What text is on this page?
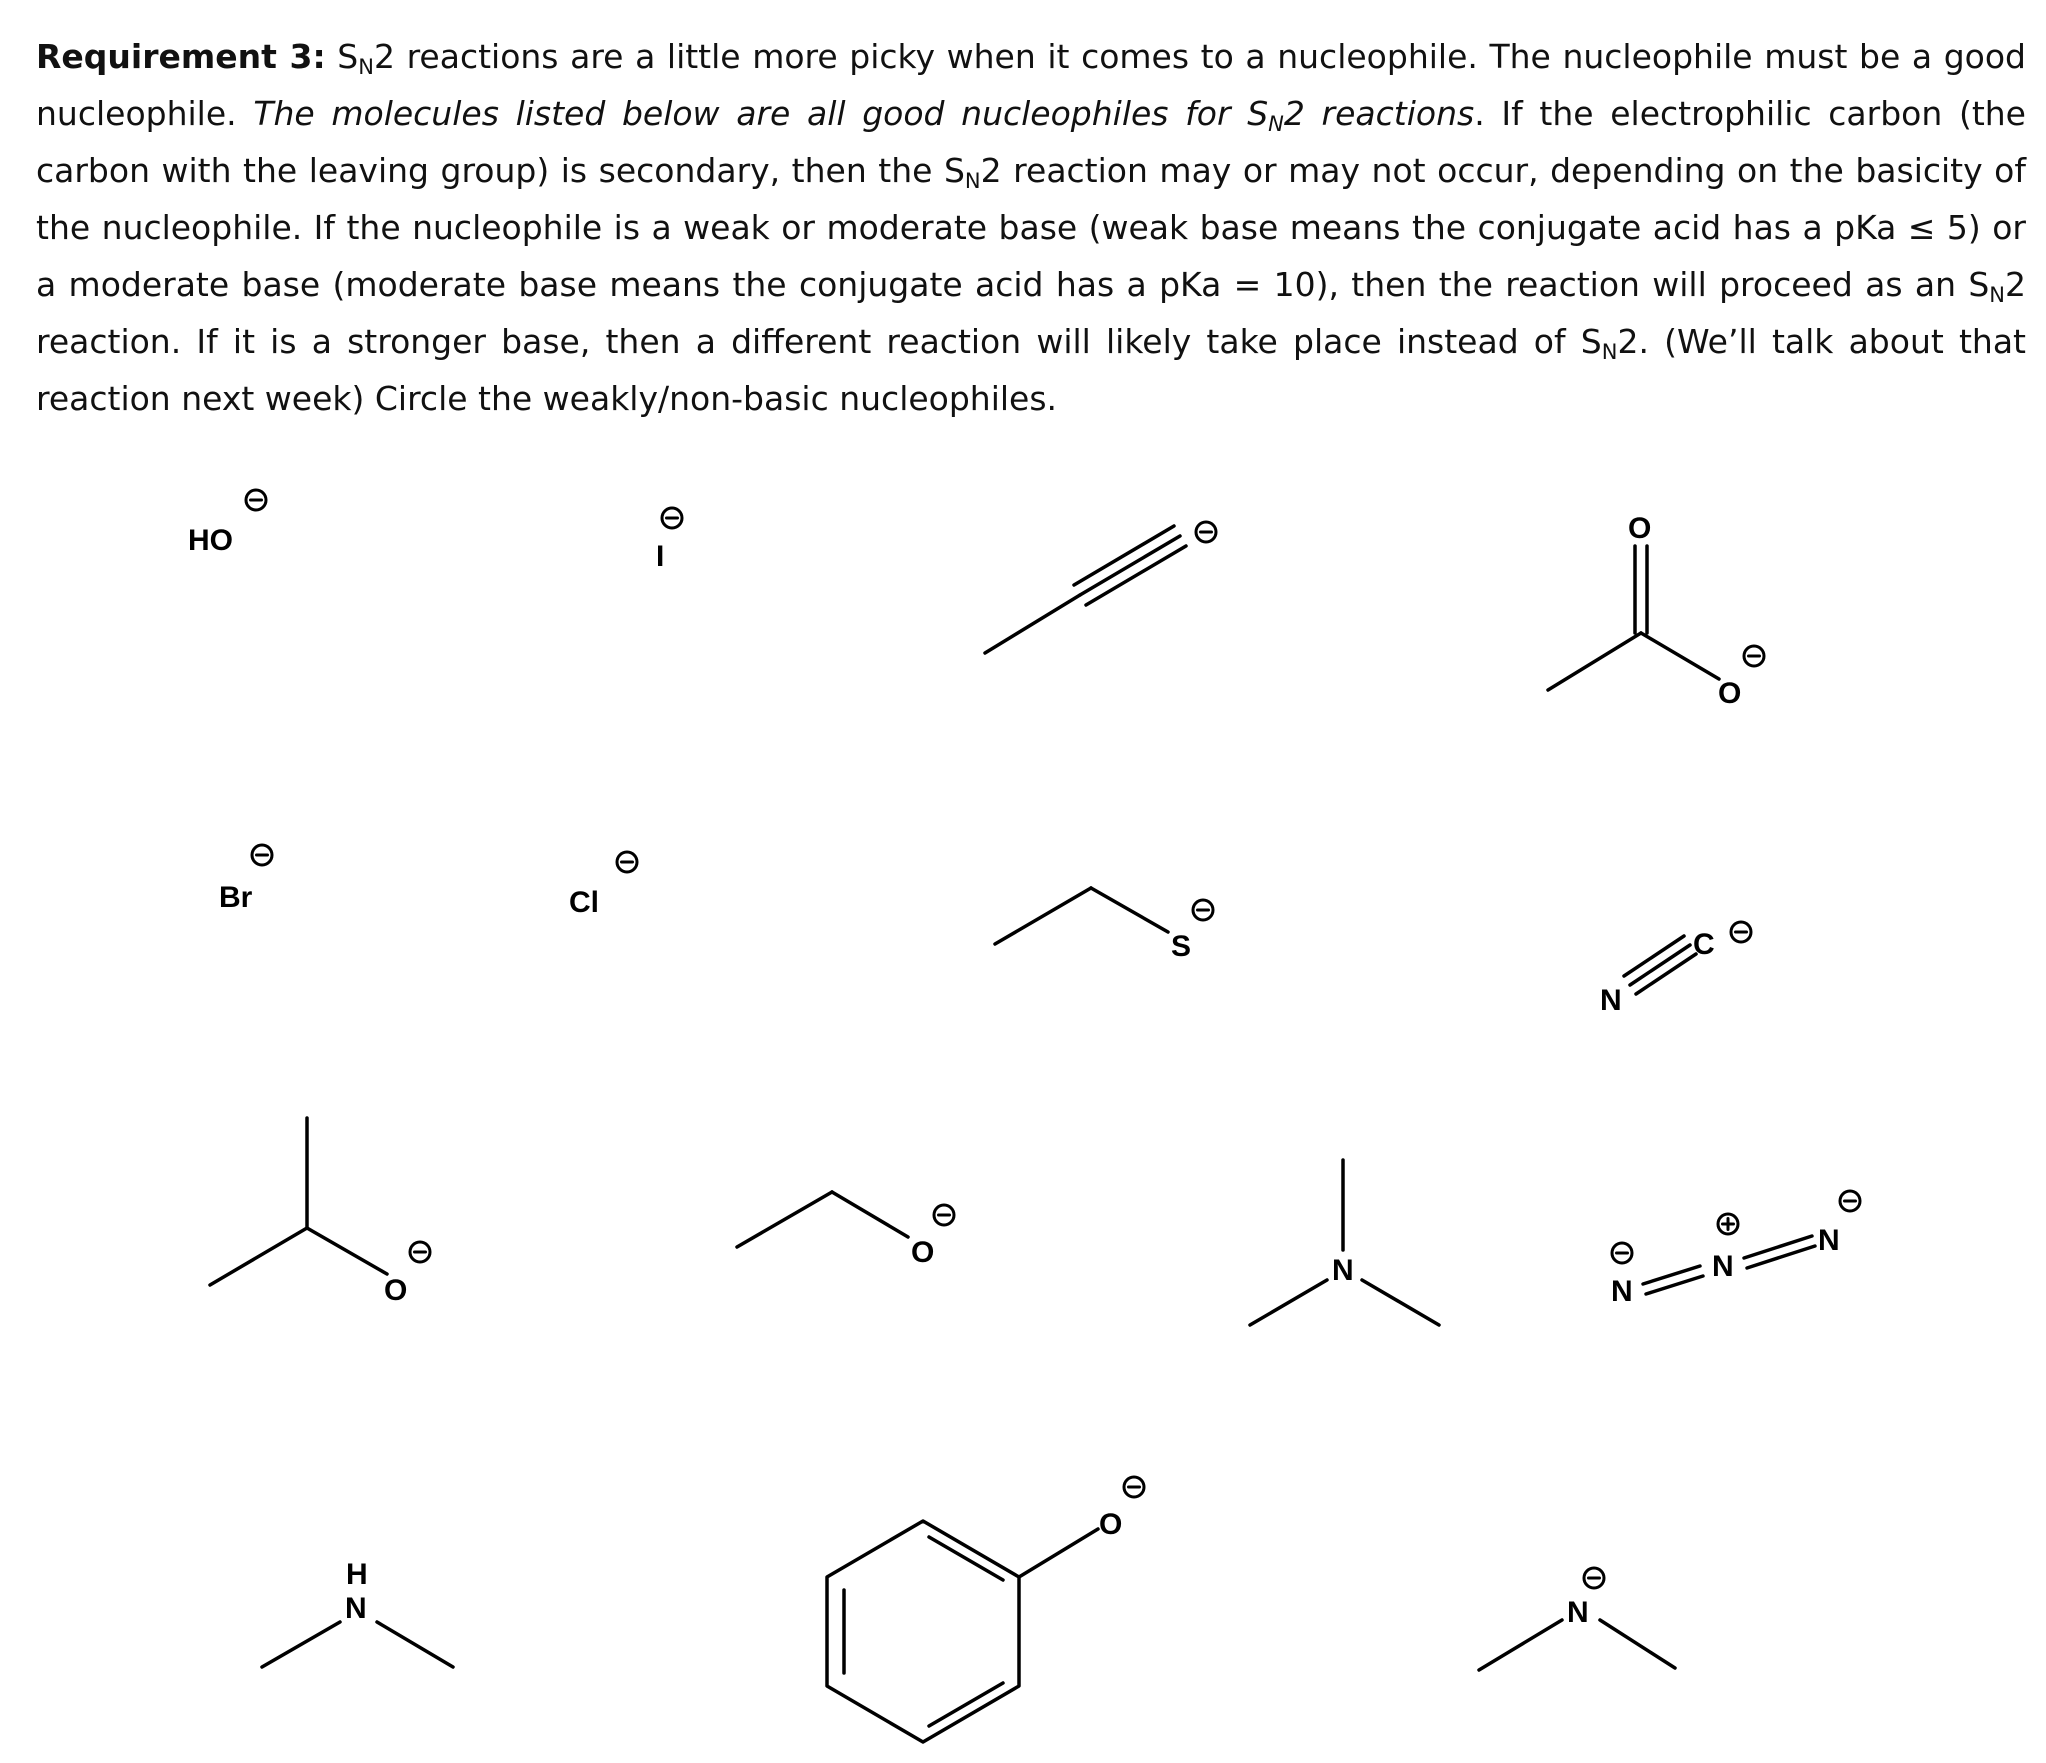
Requirement 3: $S_N2$ reactions are a little more picky when it comes to a nucleophile. The nucleophile must be a good nucleophile. The molecules listed below are all good nucleophiles for $S_N2$ reactions. If the electrophilic carbon (the carbon with the leaving group) is secondary, then the $S_N2$ reaction may or may not occur, depending on the basicity of the nucleophile. If the nucleophile is a weak or moderate base (weak base means the conjugate acid has a pKa ≤ 5) or a moderate base (moderate base means the conjugate acid has a pKa = 10), then the reaction will proceed as an $S_N2$ reaction. If it is a stronger base, then a different reaction will likely take place instead of $S_N2$. (We’ll talk about that reaction next week) Circle the weakly/non-basic nucleophiles.

HO	I
O
O
Br	Cl
S
N
C
O
O
N
N
N
N
H
N
O
N
